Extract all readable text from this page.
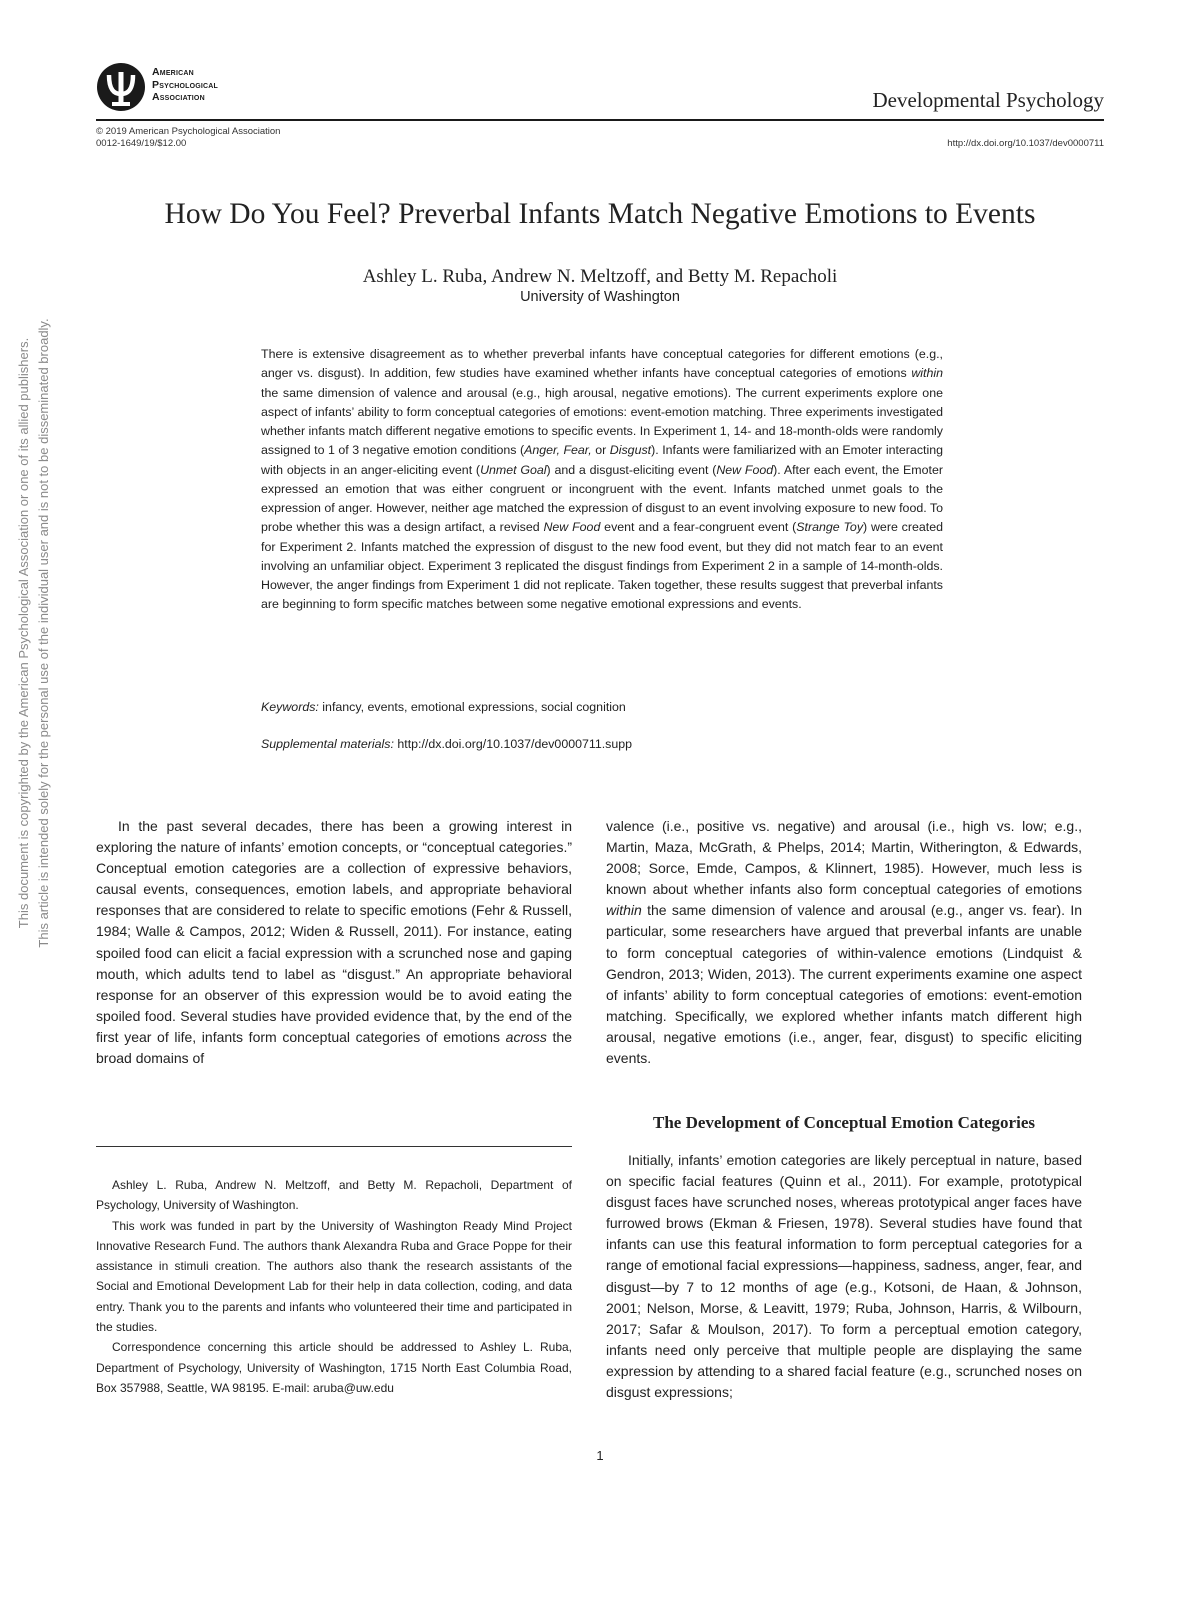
American
Psychological
Association	Developmental Psychology
© 2019 American Psychological Association
0012-1649/19/$12.00	http://dx.doi.org/10.1037/dev0000711
This document is copyrighted by the American Psychological Association or one of its allied publishers. This article is intended solely for the personal use of the individual user and is not to be disseminated broadly.
How Do You Feel? Preverbal Infants Match Negative Emotions to Events
Ashley L. Ruba, Andrew N. Meltzoff, and Betty M. Repacholi
University of Washington
There is extensive disagreement as to whether preverbal infants have conceptual categories for different emotions (e.g., anger vs. disgust). In addition, few studies have examined whether infants have conceptual categories of emotions within the same dimension of valence and arousal (e.g., high arousal, negative emotions). The current experiments explore one aspect of infants’ ability to form conceptual categories of emotions: event-emotion matching. Three experiments investigated whether infants match different negative emotions to specific events. In Experiment 1, 14- and 18-month-olds were randomly assigned to 1 of 3 negative emotion conditions (Anger, Fear, or Disgust). Infants were familiarized with an Emoter interacting with objects in an anger-eliciting event (Unmet Goal) and a disgust-eliciting event (New Food). After each event, the Emoter expressed an emotion that was either congruent or incongruent with the event. Infants matched unmet goals to the expression of anger. However, neither age matched the expression of disgust to an event involving exposure to new food. To probe whether this was a design artifact, a revised New Food event and a fear-congruent event (Strange Toy) were created for Experiment 2. Infants matched the expression of disgust to the new food event, but they did not match fear to an event involving an unfamiliar object. Experiment 3 replicated the disgust findings from Experiment 2 in a sample of 14-month-olds. However, the anger findings from Experiment 1 did not replicate. Taken together, these results suggest that preverbal infants are beginning to form specific matches between some negative emotional expressions and events.
Keywords: infancy, events, emotional expressions, social cognition
Supplemental materials: http://dx.doi.org/10.1037/dev0000711.supp

In the past several decades, there has been a growing interest in exploring the nature of infants’ emotion concepts, or “conceptual categories.” Conceptual emotion categories are a collection of expressive behaviors, causal events, consequences, emotion labels, and appropriate behavioral responses that are considered to relate to specific emotions (Fehr & Russell, 1984; Walle & Campos, 2012; Widen & Russell, 2011). For instance, eating spoiled food can elicit a facial expression with a scrunched nose and gaping mouth, which adults tend to label as “disgust.” An appropriate behavioral response for an observer of this expression would be to avoid eating the spoiled food. Several studies have provided evidence that, by the end of the first year of life, infants form conceptual categories of emotions across the broad domains of

Ashley L. Ruba, Andrew N. Meltzoff, and Betty M. Repacholi, Department of Psychology, University of Washington.

This work was funded in part by the University of Washington Ready Mind Project Innovative Research Fund. The authors thank Alexandra Ruba and Grace Poppe for their assistance in stimuli creation. The authors also thank the research assistants of the Social and Emotional Development Lab for their help in data collection, coding, and data entry. Thank you to the parents and infants who volunteered their time and participated in the studies.

Correspondence concerning this article should be addressed to Ashley L. Ruba, Department of Psychology, University of Washington, 1715 North East Columbia Road, Box 357988, Seattle, WA 98195. E-mail: aruba@uw.edu

valence (i.e., positive vs. negative) and arousal (i.e., high vs. low; e.g., Martin, Maza, McGrath, & Phelps, 2014; Martin, Witherington, & Edwards, 2008; Sorce, Emde, Campos, & Klinnert, 1985). However, much less is known about whether infants also form conceptual categories of emotions within the same dimension of valence and arousal (e.g., anger vs. fear). In particular, some researchers have argued that preverbal infants are unable to form conceptual categories of within-valence emotions (Lindquist & Gendron, 2013; Widen, 2013). The current experiments examine one aspect of infants’ ability to form conceptual categories of emotions: event-emotion matching. Specifically, we explored whether infants match different high arousal, negative emotions (i.e., anger, fear, disgust) to specific eliciting events.

The Development of Conceptual Emotion Categories

Initially, infants’ emotion categories are likely perceptual in nature, based on specific facial features (Quinn et al., 2011). For example, prototypical disgust faces have scrunched noses, whereas prototypical anger faces have furrowed brows (Ekman & Friesen, 1978). Several studies have found that infants can use this featural information to form perceptual categories for a range of emotional facial expressions—happiness, sadness, anger, fear, and disgust—by 7 to 12 months of age (e.g., Kotsoni, de Haan, & Johnson, 2001; Nelson, Morse, & Leavitt, 1979; Ruba, Johnson, Harris, & Wilbourn, 2017; Safar & Moulson, 2017). To form a perceptual emotion category, infants need only perceive that multiple people are displaying the same expression by attending to a shared facial feature (e.g., scrunched noses on disgust expressions;

1
